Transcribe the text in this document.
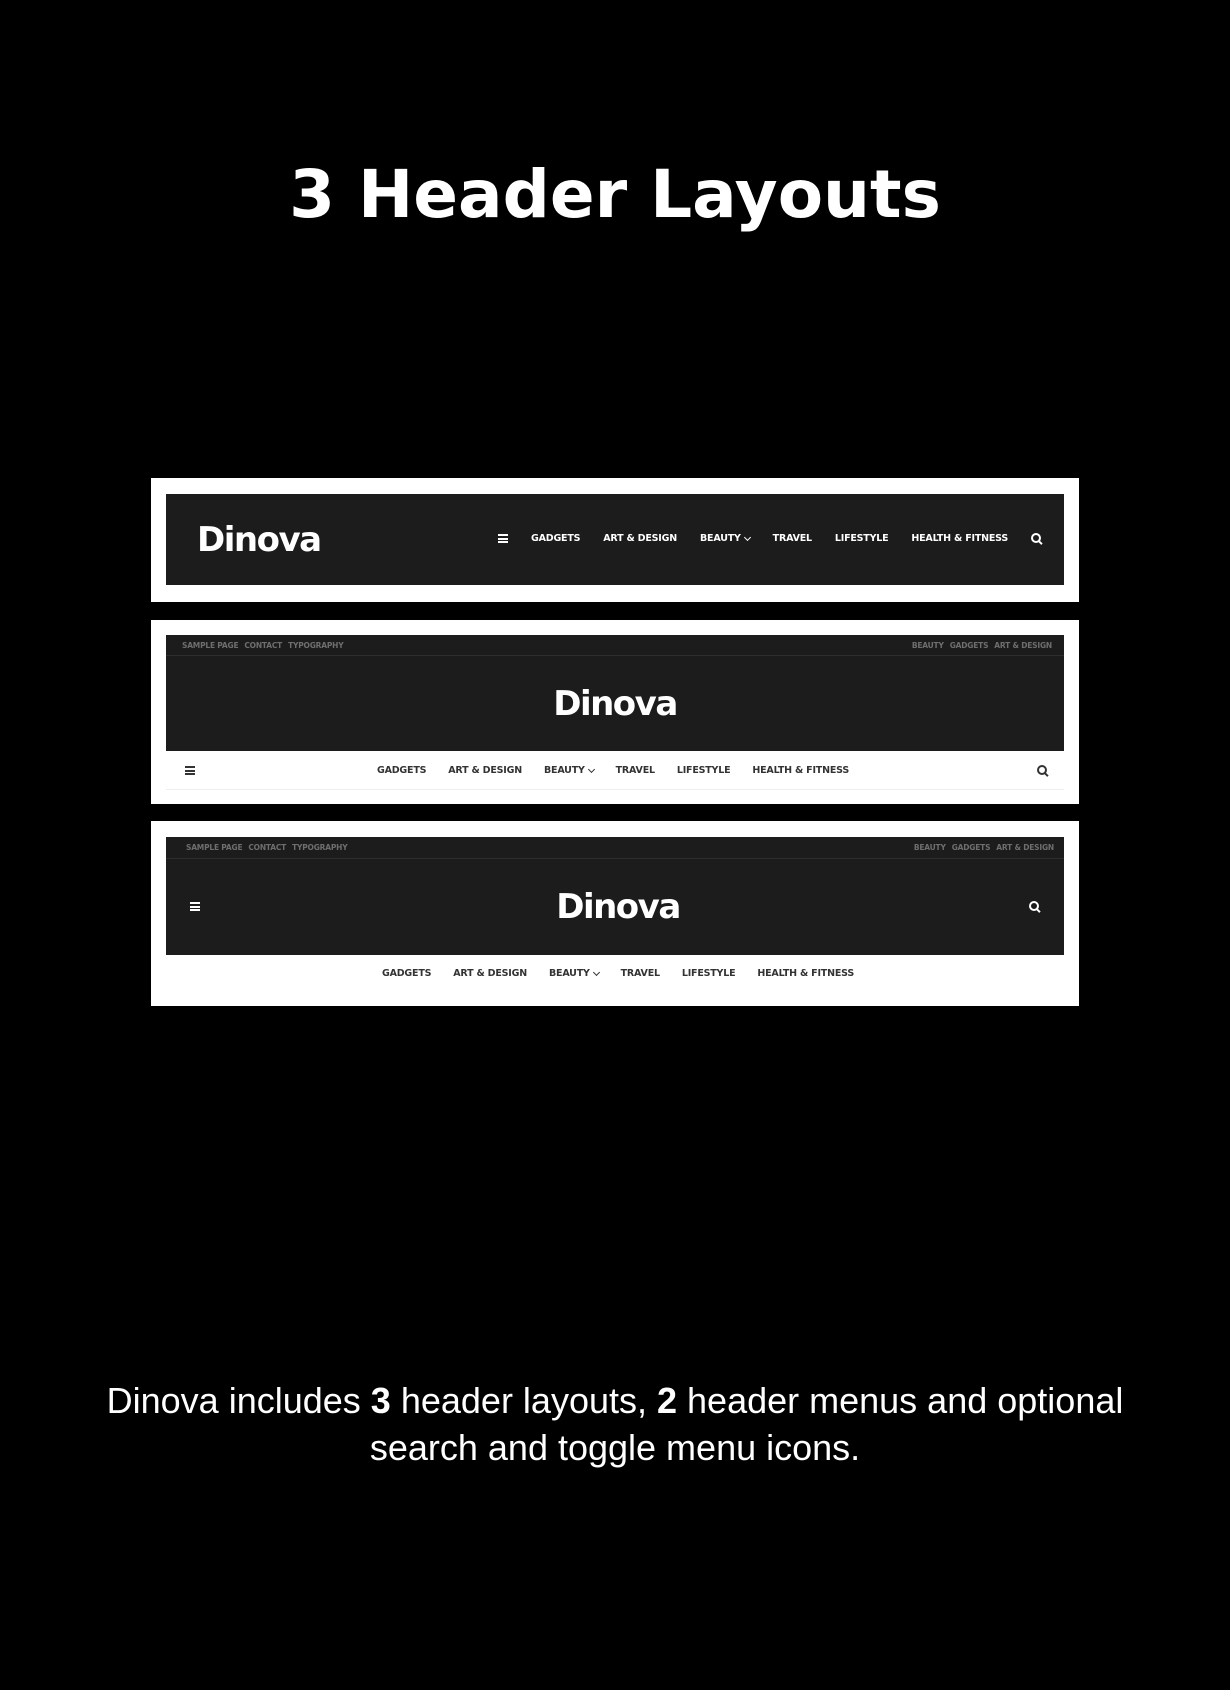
3 Header Layouts
Dinova	GADGETS ART & DESIGN BEAUTY	TRAVEL LIFESTYLE HEALTH & FITNESS
SAMPLE PAGE CONTACT TYPOGRAPHY	BEAUTY GADGETS ART & DESIGN
Dinova
GADGETS ART & DESIGN BEAUTY	TRAVEL LIFESTYLE HEALTH & FITNESS
SAMPLE PAGE CONTACT TYPOGRAPHY	BEAUTY GADGETS ART & DESIGN
Dinova
GADGETS ART & DESIGN BEAUTY	TRAVEL LIFESTYLE HEALTH & FITNESS

Dinova includes 3 header layouts, 2 header menus and optional search and toggle menu icons.
